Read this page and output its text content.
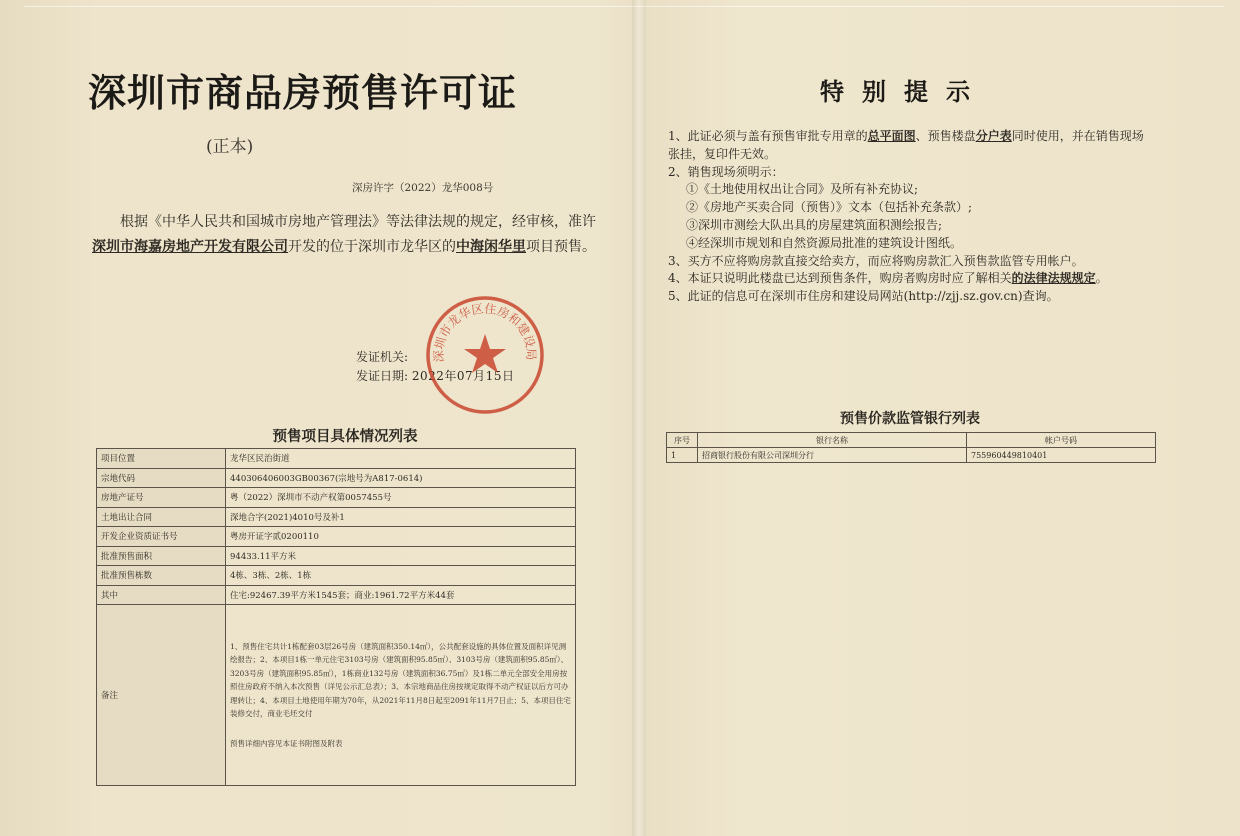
深圳市商品房预售许可证
(正本)
深房许字（2022）龙华008号
根据《中华人民共和国城市房地产管理法》等法律法规的规定，经审核，准许深圳市海嘉房地产开发有限公司开发的位于深圳市龙华区的中海闲华里项目预售。
发证机关:
发证日期: 2022年07月15日
深圳市龙华区住房和建设局
预售项目具体情况列表
项目位置	龙华区民治街道
宗地代码	440306406003GB00367(宗地号为A817-0614)
房地产证号	粤（2022）深圳市不动产权第0057455号
土地出让合同	深地合字(2021)4010号及补1
开发企业资质证书号	粤房开证字贰0200110
批准预售面积	94433.11平方米
批准预售栋数	4栋、3栋、2栋、1栋
其中	住宅:92467.39平方米1545套；商业:1961.72平方米44套
备注	1、预售住宅共计1栋配套03层26号房（建筑面积350.14㎡），公共配套设施的具体位置及面积详见测绘报告；2、本项目1栋一单元住宅3103号房（建筑面积95.85㎡）、3103号房（建筑面积95.85㎡）、3203号房（建筑面积95.85㎡），1栋商业132号房（建筑面积36.75㎡）及1栋二单元全部安全用房按照住房政府不纳入本次预售（详见公示汇总表）；3、本宗地商品住房按规定取得不动产权证以后方可办理转让；4、本项目土地使用年期为70年，从2021年11月8日起至2091年11月7日止；5、本项目住宅装修交付，商业毛坯交付
预售详细内容见本证书附图及附表
特别提示
1、此证必须与盖有预售审批专用章的总平面图、预售楼盘分户表同时使用，并在销售现场张挂，复印件无效。
2、销售现场须明示：
①《土地使用权出让合同》及所有补充协议;
②《房地产买卖合同（预售）》文本（包括补充条款）;
③深圳市测绘大队出具的房屋建筑面积测绘报告;
④经深圳市规划和自然资源局批准的建筑设计图纸。
3、买方不应将购房款直接交给卖方，而应将购房款汇入预售款监管专用帐户。
4、本证只说明此楼盘已达到预售条件，购房者购房时应了解相关的法律法规规定。
5、此证的信息可在深圳市住房和建设局网站(http://zjj.sz.gov.cn)查询。
预售价款监管银行列表
序号	银行名称	帐户号码
1	招商银行股份有限公司深圳分行	755960449810401
